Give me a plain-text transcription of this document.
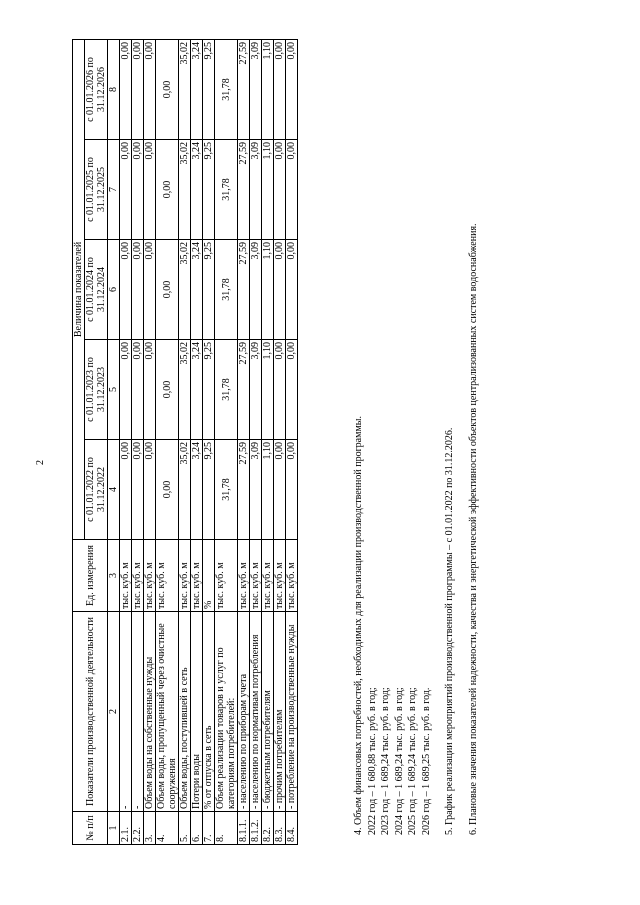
2
№ п/п	Показатели производственной деятельности	Ед. измерения	Величина показателей				
			с 01.01.2022 по 31.12.2022	с 01.01.2023 по 31.12.2023	с 01.01.2024 по 31.12.2024	с 01.01.2025 по 31.12.2025	с 01.01.2026 по 31.12.2026
1	2	3	4	5	6	7	8
2.1.	-	тыс. куб. м	0,00	0,00	0,00	0,00	0,00
2.2.	-	тыс. куб. м	0,00	0,00	0,00	0,00	0,00
3.	Объем воды на собственные нужды	тыс. куб. м	0,00	0,00	0,00	0,00	0,00
4.	Объем воды, пропущенный через очистные сооружения	тыс. куб. м	0,00	0,00	0,00	0,00	0,00
5.	Объем воды, поступившей в сеть	тыс. куб. м	35,02	35,02	35,02	35,02	35,02
6.	Потери воды	тыс. куб. м	3,24	3,24	3,24	3,24	3,24
7.	% от отпуска в сеть	%	9,25	9,25	9,25	9,25	9,25
8.	Объем реализации товаров и услуг по категориям потребителей:	тыс. куб. м	31,78	31,78	31,78	31,78	31,78
8.1.1.	- населению по приборам учета	тыс. куб. м	27,59	27,59	27,59	27,59	27,59
8.1.2.	- населению по нормативам потребления	тыс. куб. м	3,09	3,09	3,09	3,09	3,09
8.2.	- бюджетным потребителям	тыс. куб. м	1,10	1,10	1,10	1,10	1,10
8.3.	- прочим потребителям	тыс. куб. м	0,00	0,00	0,00	0,00	0,00
8.4.	- потребление на производственные нужды	тыс. куб. м	0,00	0,00	0,00	0,00	0,00

4. Объем финансовых потребностей, необходимых для реализации производственной программы. 2022 год – 1 680,88 тыс. руб. в год; 2023 год – 1 689,24 тыс. руб. в год; 2024 год – 1 689,24 тыс. руб. в год; 2025 год – 1 689,24 тыс. руб. в год; 2026 год – 1 689,25 тыс. руб. в год. 5. График реализации мероприятий производственной программы – с 01.01.2022 по 31.12.2026. 6. Плановые значения показателей надежности, качества и энергетической эффективности объектов централизованных систем водоснабжения.
